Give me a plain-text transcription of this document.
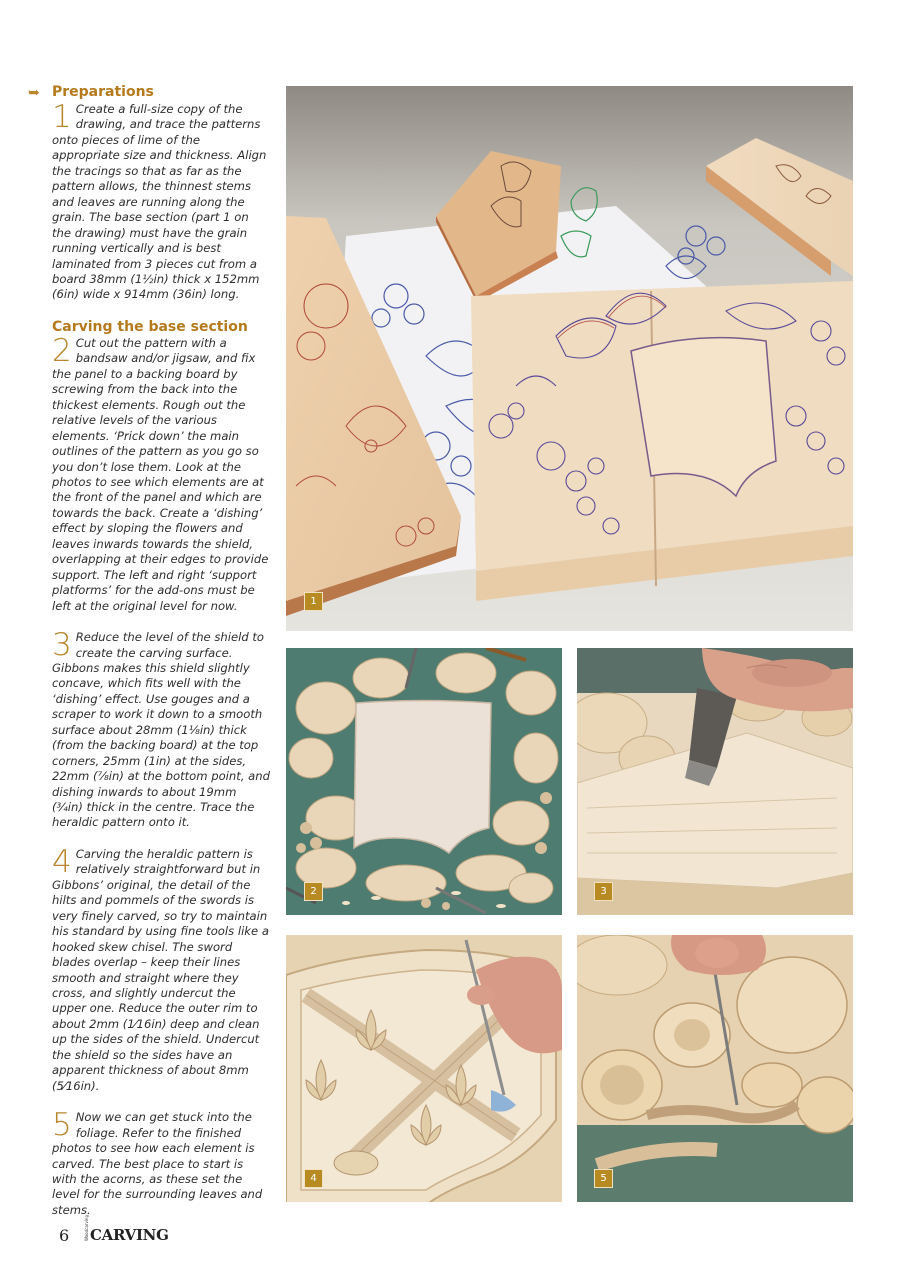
➥ Preparations
1 Create a full-size copy of the drawing, and trace the patterns onto pieces of lime of the appropriate size and thickness. Align the tracings so that as far as the pattern allows, the thinnest stems and leaves are running along the grain. The base section (part 1 on the drawing) must have the grain running vertically and is best laminated from 3 pieces cut from a board 38mm (1½in) thick x 152mm (6in) wide x 914mm (36in) long.

Carving the base section
2 Cut out the pattern with a bandsaw and/or jigsaw, and fix the panel to a backing board by screwing from the back into the thickest elements. Rough out the relative levels of the various elements. ‘Prick down’ the main outlines of the pattern as you go so you don’t lose them. Look at the photos to see which elements are at the front of the panel and which are towards the back. Create a ‘dishing’ effect by sloping the flowers and leaves inwards towards the shield, overlapping at their edges to provide support. The left and right ‘support platforms’ for the add-ons must be left at the original level for now.

3 Reduce the level of the shield to create the carving surface. Gibbons makes this shield slightly concave, which fits well with the ‘dishing’ effect. Use gouges and a scraper to work it down to a smooth surface about 28mm (1⅛in) thick (from the backing board) at the top corners, 25mm (1in) at the sides, 22mm (⅞in) at the bottom point, and dishing inwards to about 19mm (¾in) thick in the centre. Trace the heraldic pattern onto it.

4 Carving the heraldic pattern is relatively straightforward but in Gibbons’ original, the detail of the hilts and pommels of the swords is very finely carved, so try to maintain his standard by using fine tools like a hooked skew chisel. The sword blades overlap – keep their lines smooth and straight where they cross, and slightly undercut the upper one. Reduce the outer rim to about 2mm (1⁄16in) deep and clean up the sides of the shield. Undercut the shield so the sides have an apparent thickness of about 8mm (5⁄16in).

5 Now we can get stuck into the foliage. Refer to the finished photos to see how each element is carved. The best place to start is with the acorns, as these set the level for the surrounding leaves and stems.

1
2	3
4	5
6	Woodcarving CARVING
